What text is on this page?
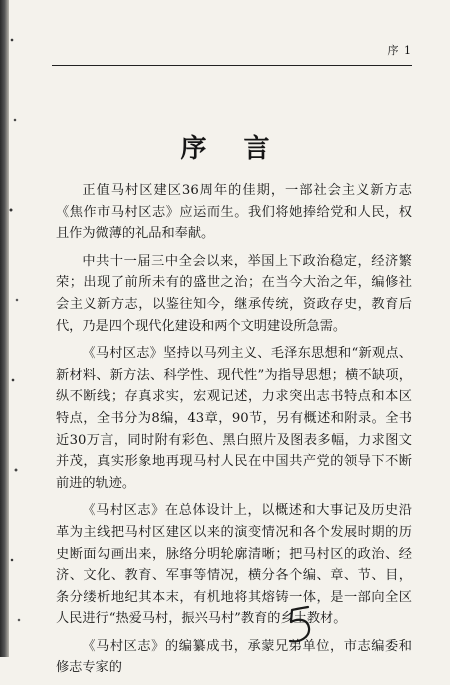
序 1
序 言

正值马村区建区36周年的佳期，一部社会主义新方志《焦作市马村区志》应运而生。我们将她捧给党和人民，权且作为微薄的礼品和奉献。

中共十一届三中全会以来，举国上下政治稳定，经济繁荣；出现了前所未有的盛世之治；在当今大治之年，编修社会主义新方志，以鉴往知今，继承传统，资政存史，教育后代，乃是四个现代化建设和两个文明建设所急需。

《马村区志》坚持以马列主义、毛泽东思想和“新观点、新材料、新方法、科学性、现代性”为指导思想；横不缺项，纵不断线；存真求实，宏观记述，力求突出志书特点和本区特点，全书分为8编，43章，90节，另有概述和附录。全书近30万言，同时附有彩色、黑白照片及图表多幅，力求图文并茂，真实形象地再现马村人民在中国共产党的领导下不断前进的轨迹。

《马村区志》在总体设计上，以概述和大事记及历史沿革为主线把马村区建区以来的演变情况和各个发展时期的历史断面勾画出来，脉络分明轮廓清晰；把马村区的政治、经济、文化、教育、军事等情况，横分各个编、章、节、目，条分缕析地纪其本末，有机地将其熔铸一体，是一部向全区人民进行“热爱马村，振兴马村”教育的乡土教材。

《马村区志》的编纂成书，承蒙兄弟单位，市志编委和修志专家的
